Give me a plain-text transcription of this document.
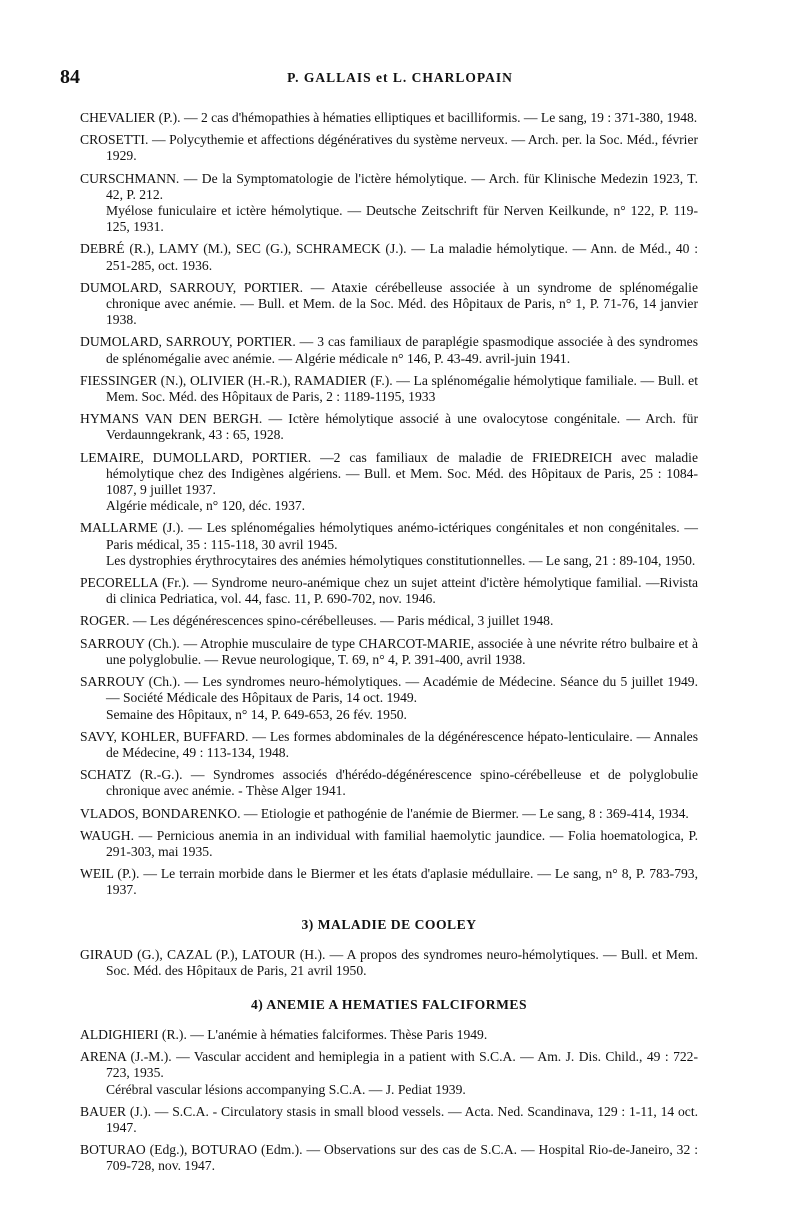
84	P. GALLAIS et L. CHARLOPAIN
CHEVALIER (P.). — 2 cas d'hémopathies à hématies elliptiques et bacilliformis. — Le sang, 19 : 371-380, 1948.
CROSETTI. — Polycythemie et affections dégénératives du système nerveux. — Arch. per. la Soc. Méd., février 1929.
CURSCHMANN. — De la Symptomatologie de l'ictère hémolytique. — Arch. für Klinische Medezin 1923, T. 42, P. 212.
Myélose funiculaire et ictère hémolytique. — Deutsche Zeitschrift für Nerven Keilkunde, n° 122, P. 119-125, 1931.
DEBRÉ (R.), LAMY (M.), SEC (G.), SCHRAMECK (J.). — La maladie hémolytique. — Ann. de Méd., 40 : 251-285, oct. 1936.
DUMOLARD, SARROUY, PORTIER. — Ataxie cérébelleuse associée à un syndrome de splénomégalie chronique avec anémie. — Bull. et Mem. de la Soc. Méd. des Hôpitaux de Paris, n° 1, P. 71-76, 14 janvier 1938.
DUMOLARD, SARROUY, PORTIER. — 3 cas familiaux de paraplégie spasmodique associée à des syndromes de splénomégalie avec anémie. — Algérie médicale n° 146, P. 43-49. avril-juin 1941.
FIESSINGER (N.), OLIVIER (H.-R.), RAMADIER (F.). — La splénomégalie hémolytique familiale. — Bull. et Mem. Soc. Méd. des Hôpitaux de Paris, 2 : 1189-1195, 1933
HYMANS VAN DEN BERGH. — Ictère hémolytique associé à une ovalocytose congénitale. — Arch. für Verdaunngekrank, 43 : 65, 1928.
LEMAIRE, DUMOLLARD, PORTIER. —2 cas familiaux de maladie de FRIEDREICH avec maladie hémolytique chez des Indigènes algériens. — Bull. et Mem. Soc. Méd. des Hôpitaux de Paris, 25 : 1084-1087, 9 juillet 1937.
Algérie médicale, n° 120, déc. 1937.
MALLARME (J.). — Les splénomégalies hémolytiques anémo-ictériques congénitales et non congénitales. — Paris médical, 35 : 115-118, 30 avril 1945.
Les dystrophies érythrocytaires des anémies hémolytiques constitutionnelles. — Le sang, 21 : 89-104, 1950.
PECORELLA (Fr.). — Syndrome neuro-anémique chez un sujet atteint d'ictère hémolytique familial. —Rivista di clinica Pedriatica, vol. 44, fasc. 11, P. 690-702, nov. 1946.
ROGER. — Les dégénérescences spino-cérébelleuses. — Paris médical, 3 juillet 1948.
SARROUY (Ch.). — Atrophie musculaire de type CHARCOT-MARIE, associée à une névrite rétro bulbaire et à une polyglobulie. — Revue neurologique, T. 69, n° 4, P. 391-400, avril 1938.
SARROUY (Ch.). — Les syndromes neuro-hémolytiques. — Académie de Médecine. Séance du 5 juillet 1949. — Société Médicale des Hôpitaux de Paris, 14 oct. 1949.
Semaine des Hôpitaux, n° 14, P. 649-653, 26 fév. 1950.
SAVY, KOHLER, BUFFARD. — Les formes abdominales de la dégénérescence hépato-lenticulaire. — Annales de Médecine, 49 : 113-134, 1948.
SCHATZ (R.-G.). — Syndromes associés d'hérédo-dégénérescence spino-cérébelleuse et de polyglobulie chronique avec anémie. - Thèse Alger 1941.
VLADOS, BONDARENKO. — Etiologie et pathogénie de l'anémie de Biermer. — Le sang, 8 : 369-414, 1934.
WAUGH. — Pernicious anemia in an individual with familial haemolytic jaundice. — Folia hoematologica, P. 291-303, mai 1935.
WEIL (P.). — Le terrain morbide dans le Biermer et les états d'aplasie médullaire. — Le sang, n° 8, P. 783-793, 1937.
3) MALADIE DE COOLEY
GIRAUD (G.), CAZAL (P.), LATOUR (H.). — A propos des syndromes neuro-hémolytiques. — Bull. et Mem. Soc. Méd. des Hôpitaux de Paris, 21 avril 1950.
4) ANEMIE A HEMATIES FALCIFORMES
ALDIGHIERI (R.). — L'anémie à hématies falciformes. Thèse Paris 1949.
ARENA (J.-M.). — Vascular accident and hemiplegia in a patient with S.C.A. — Am. J. Dis. Child., 49 : 722-723, 1935.
Cérébral vascular lésions accompanying S.C.A. — J. Pediat 1939.
BAUER (J.). — S.C.A. - Circulatory stasis in small blood vessels. — Acta. Ned. Scandinava, 129 : 1-11, 14 oct. 1947.
BOTURAO (Edg.), BOTURAO (Edm.). — Observations sur des cas de S.C.A. — Hospital Rio-de-Janeiro, 32 : 709-728, nov. 1947.
